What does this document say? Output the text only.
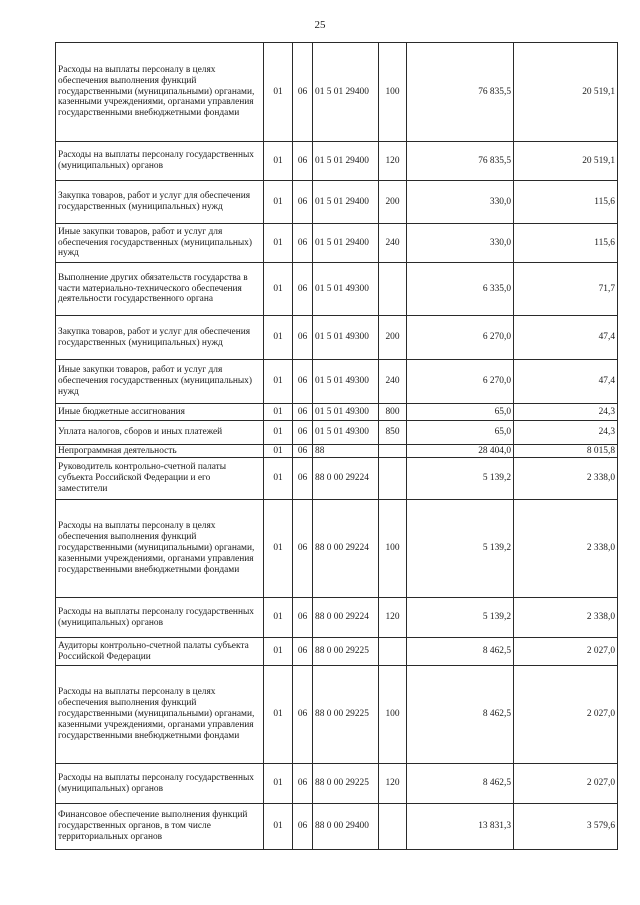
25
Расходы на выплаты персоналу в целях обеспечения выполнения функций государственными (муниципальными) органами, казенными учреждениями, органами управления государственными внебюджетными фондами	01	06	01 5 01 29400	100	76 835,5	20 519,1
Расходы на выплаты персоналу государственных (муниципальных) органов	01	06	01 5 01 29400	120	76 835,5	20 519,1
Закупка товаров, работ и услуг для обеспечения государственных (муниципальных) нужд	01	06	01 5 01 29400	200	330,0	115,6
Иные закупки товаров, работ и услуг для обеспечения государственных (муниципальных) нужд	01	06	01 5 01 29400	240	330,0	115,6
Выполнение других обязательств государства в части материально-технического обеспечения деятельности государственного органа	01	06	01 5 01 49300		6 335,0	71,7
Закупка товаров, работ и услуг для обеспечения государственных (муниципальных) нужд	01	06	01 5 01 49300	200	6 270,0	47,4
Иные закупки товаров, работ и услуг для обеспечения государственных (муниципальных) нужд	01	06	01 5 01 49300	240	6 270,0	47,4
Иные бюджетные ассигнования	01	06	01 5 01 49300	800	65,0	24,3
Уплата налогов, сборов и иных платежей	01	06	01 5 01 49300	850	65,0	24,3
Непрограммная деятельность	01	06	88		28 404,0	8 015,8
Руководитель контрольно-счетной палаты субъекта Российской Федерации и его заместители	01	06	88 0 00 29224		5 139,2	2 338,0
Расходы на выплаты персоналу в целях обеспечения выполнения функций государственными (муниципальными) органами, казенными учреждениями, органами управления государственными внебюджетными фондами	01	06	88 0 00 29224	100	5 139,2	2 338,0
Расходы на выплаты персоналу государственных (муниципальных) органов	01	06	88 0 00 29224	120	5 139,2	2 338,0
Аудиторы контрольно-счетной палаты субъекта Российской Федерации	01	06	88 0 00 29225		8 462,5	2 027,0
Расходы на выплаты персоналу в целях обеспечения выполнения функций государственными (муниципальными) органами, казенными учреждениями, органами управления государственными внебюджетными фондами	01	06	88 0 00 29225	100	8 462,5	2 027,0
Расходы на выплаты персоналу государственных (муниципальных) органов	01	06	88 0 00 29225	120	8 462,5	2 027,0
Финансовое обеспечение выполнения функций государственных органов, в том числе территориальных органов	01	06	88 0 00 29400		13 831,3	3 579,6
